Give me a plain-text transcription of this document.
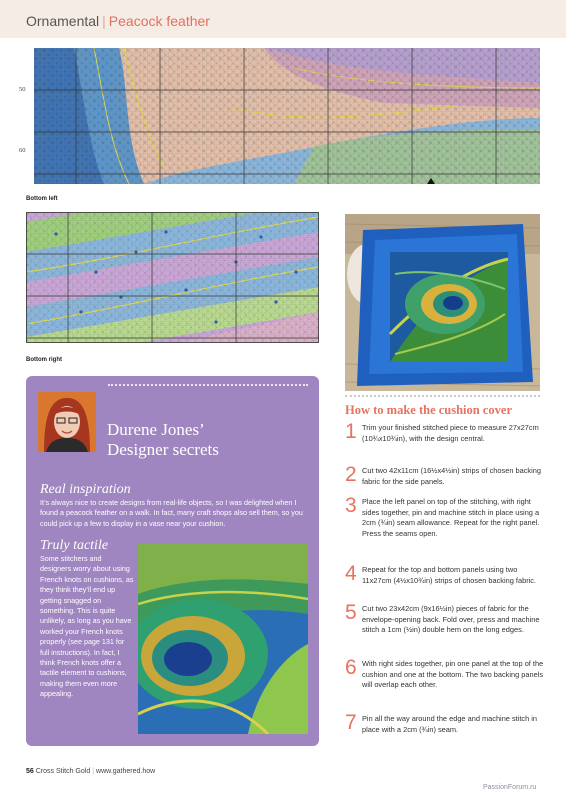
Ornamental | Peacock feather
50
60
Bottom left
Bottom right
Durene Jones’
Designer secrets
Real inspiration
It’s always nice to create designs from real-life objects, so I was delighted when I found a peacock feather on a walk. In fact, many craft shops also sell them, so you could pick up a few to display in a vase near your cushion.
Truly tactile
Some stitchers and designers worry about using French knots on cushions, as they think they’ll end up getting snagged on something. This is quite unlikely, as long as you have worked your French knots properly (see page 131 for full instructions). In fact, I think French knots offer a tactile element to cushions, making them even more appealing.
How to make the cushion cover
1 Trim your finished stitched piece to measure 27x27cm (10¾x10¾in), with the design central.
2 Cut two 42x11cm (16½x4½in) strips of chosen backing fabric for the side panels.
3 Place the left panel on top of the stitching, with right sides together, pin and machine stitch in place using a 2cm (¾in) seam allowance. Repeat for the right panel. Press the seams open.
4 Repeat for the top and bottom panels using two 11x27cm (4½x10¾in) strips of chosen backing fabric.
5 Cut two 23x42cm (9x16½in) pieces of fabric for the envelope-opening back. Fold over, press and machine stitch a 1cm (½in) double hem on the long edges.
6 With right sides together, pin one panel at the top of the cushion and one at the bottom. The two backing panels will overlap each other.
7 Pin all the way around the edge and machine stitch in place with a 2cm (¾in) seam.
56 Cross Stitch Gold | www.gathered.how
PassionForum.ru
